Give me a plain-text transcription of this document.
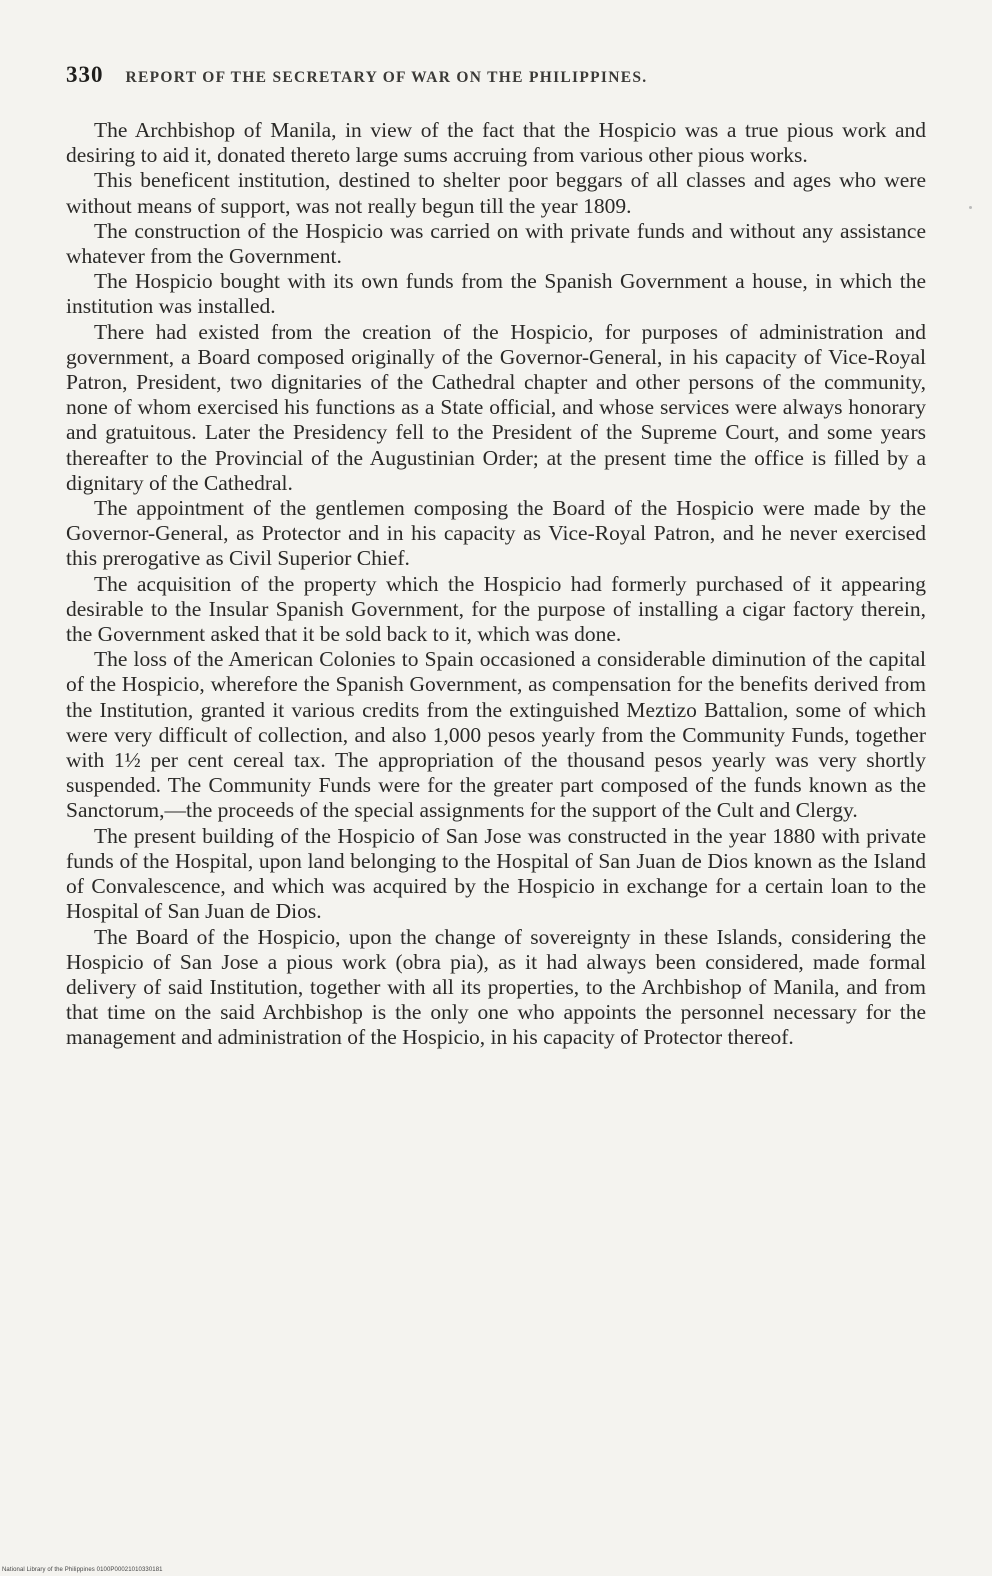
330 REPORT OF THE SECRETARY OF WAR ON THE PHILIPPINES.

The Archbishop of Manila, in view of the fact that the Hospicio was a true pious work and desiring to aid it, donated thereto large sums accruing from various other pious works.

This beneficent institution, destined to shelter poor beggars of all classes and ages who were without means of support, was not really begun till the year 1809.

The construction of the Hospicio was carried on with private funds and without any assistance whatever from the Government.

The Hospicio bought with its own funds from the Spanish Government a house, in which the institution was installed.

There had existed from the creation of the Hospicio, for purposes of administration and government, a Board composed originally of the Governor-General, in his capacity of Vice-Royal Patron, President, two dignitaries of the Cathedral chapter and other persons of the community, none of whom exercised his functions as a State official, and whose services were always honorary and gratuitous. Later the Presidency fell to the President of the Supreme Court, and some years thereafter to the Provincial of the Augustinian Order; at the present time the office is filled by a dignitary of the Cathedral.

The appointment of the gentlemen composing the Board of the Hospicio were made by the Governor-General, as Protector and in his capacity as Vice-Royal Patron, and he never exercised this prerogative as Civil Superior Chief.

The acquisition of the property which the Hospicio had formerly purchased of it appearing desirable to the Insular Spanish Government, for the purpose of installing a cigar factory therein, the Government asked that it be sold back to it, which was done.

The loss of the American Colonies to Spain occasioned a considerable diminution of the capital of the Hospicio, wherefore the Spanish Government, as compensation for the benefits derived from the Institution, granted it various credits from the extinguished Meztizo Battalion, some of which were very difficult of collection, and also 1,000 pesos yearly from the Community Funds, together with 1½ per cent cereal tax. The appropriation of the thousand pesos yearly was very shortly suspended. The Community Funds were for the greater part composed of the funds known as the Sanctorum,—the proceeds of the special assignments for the support of the Cult and Clergy.

The present building of the Hospicio of San Jose was constructed in the year 1880 with private funds of the Hospital, upon land belonging to the Hospital of San Juan de Dios known as the Island of Convalescence, and which was acquired by the Hospicio in exchange for a certain loan to the Hospital of San Juan de Dios.

The Board of the Hospicio, upon the change of sovereignty in these Islands, considering the Hospicio of San Jose a pious work (obra pia), as it had always been considered, made formal delivery of said Institution, together with all its properties, to the Archbishop of Manila, and from that time on the said Archbishop is the only one who appoints the personnel necessary for the management and administration of the Hospicio, in his capacity of Protector thereof.

National Library of the Philippines 0100P00021010330181
